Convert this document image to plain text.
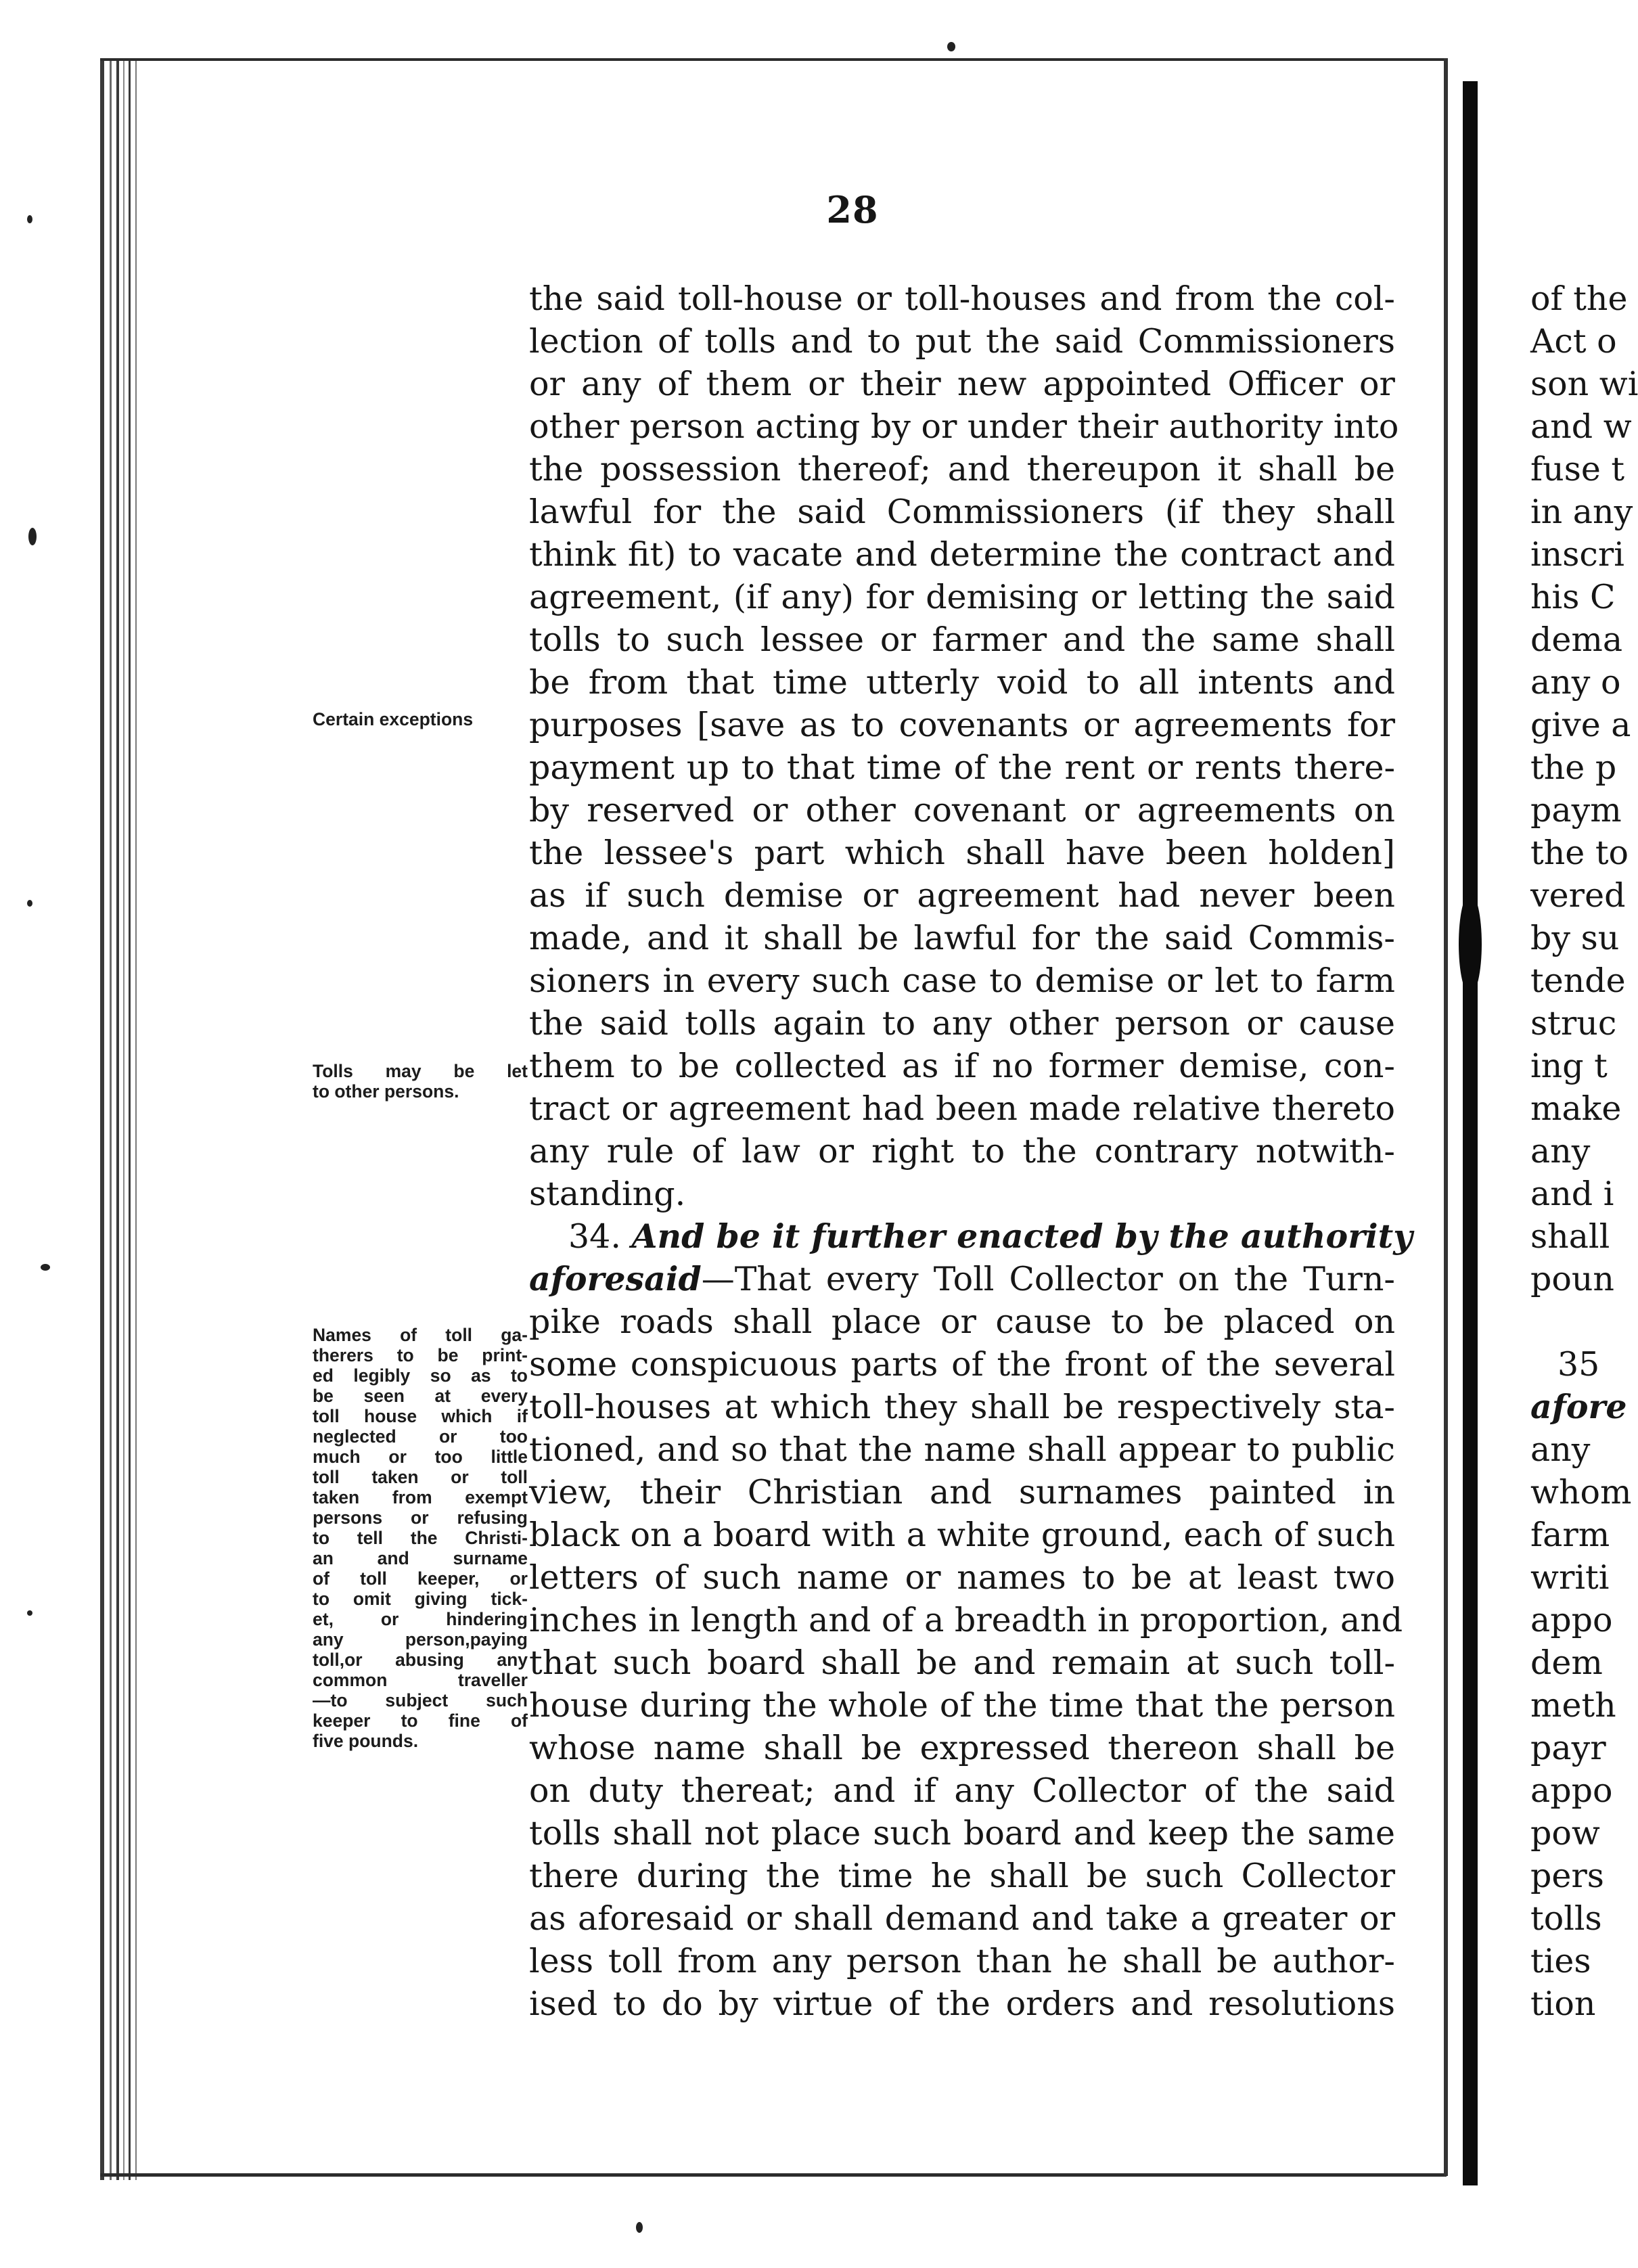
28
the said toll-house or toll-houses and from the col-
lection of tolls and to put the said Commissioners
or any of them or their new appointed Officer or
other person acting by or under their authority into
the possession thereof; and thereupon it shall be
lawful for the said Commissioners (if they shall
think fit) to vacate and determine the contract and
agreement, (if any) for demising or letting the said
tolls to such lessee or farmer and the same shall
be from that time utterly void to all intents and
purposes [save as to covenants or agreements for
payment up to that time of the rent or rents there-
by reserved or other covenant or agreements on
the lessee's part which shall have been holden]
as if such demise or agreement had never been
made, and it shall be lawful for the said Commis-
sioners in every such case to demise or let to farm
the said tolls again to any other person or cause
them to be collected as if no former demise, con-
tract or agreement had been made relative thereto
any rule of law or right to the contrary notwith-
standing.
34. And be it further enacted by the authority
aforesaid—That every Toll Collector on the Turn-
pike roads shall place or cause to be placed on
some conspicuous parts of the front of the several
toll-houses at which they shall be respectively sta-
tioned, and so that the name shall appear to public
view, their Christian and surnames painted in
black on a board with a white ground, each of such
letters of such name or names to be at least two
inches in length and of a breadth in proportion, and
that such board shall be and remain at such toll-
house during the whole of the time that the person
whose name shall be expressed thereon shall be
on duty thereat; and if any Collector of the said
tolls shall not place such board and keep the same
there during the time he shall be such Collector
as aforesaid or shall demand and take a greater or
less toll from any person than he shall be author-
ised to do by virtue of the orders and resolutions
Certain exceptions
Tolls may be let
to other persons.
Names of toll ga-
therers to be print-
ed legibly so as to
be seen at every
toll house which if
neglected or too
much or too little
toll taken or toll
taken from exempt
persons or refusing
to tell the Christi-
an and surname
of toll keeper, or
to omit giving tick-
et, or hindering
any person,paying
toll,or abusing any
common traveller
—to subject such
keeper to fine of
five pounds.
of the
Act o
son wi
and w
fuse t
in any
inscri
his C
dema
any o
give a
the p
paym
the to
vered
by su
tende
struc
ing t
make
any
and i
shall
poun
35
afore
any
whom
farm
writi
appo
dem
meth
payr
appo
pow
pers
tolls
ties
tion
